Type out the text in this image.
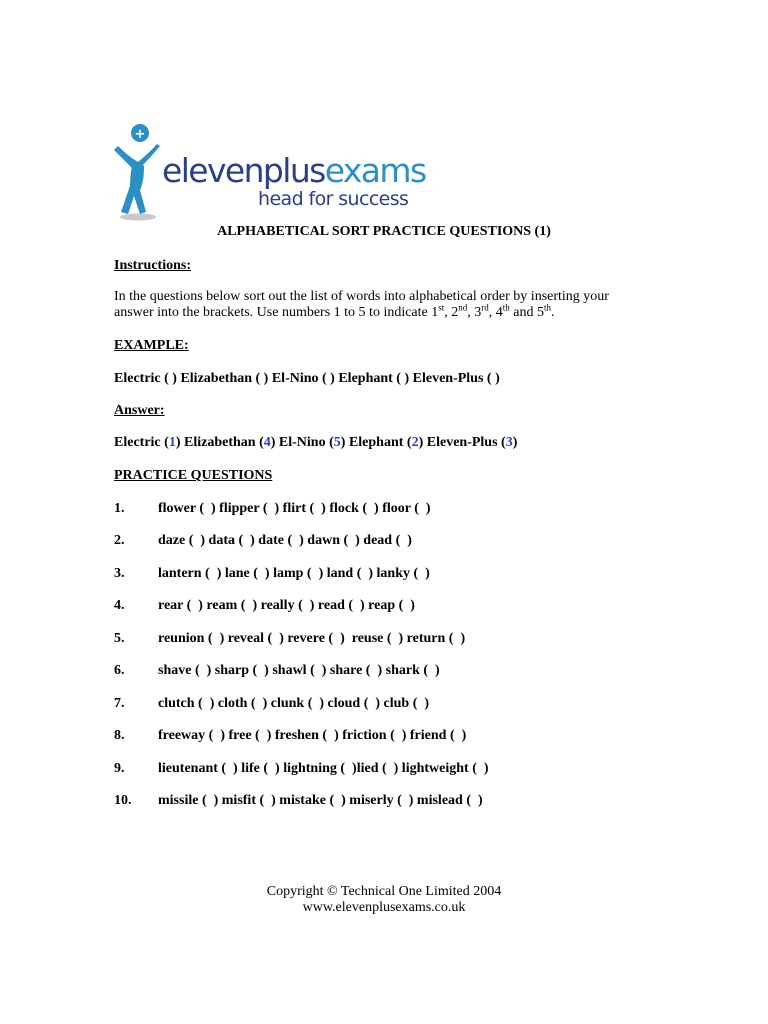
+
elevenplusexams
head for success
ALPHABETICAL SORT PRACTICE QUESTIONS (1)
Instructions:
In the questions below sort out the list of words into alphabetical order by inserting your answer into the brackets. Use numbers 1 to 5 to indicate 1st, 2nd, 3rd, 4th and 5th.
EXAMPLE:
Electric ( ) Elizabethan ( ) El-Nino ( ) Elephant ( ) Eleven-Plus ( )
Answer:
Electric (1) Elizabethan (4) El-Nino (5) Elephant (2) Eleven-Plus (3)
PRACTICE QUESTIONS
1. flower (  ) flipper (  ) flirt (  ) flock (  ) floor (  )
2. daze (  ) data (  ) date (  ) dawn (  ) dead (  )
3. lantern (  ) lane (  ) lamp (  ) land (  ) lanky (  )
4. rear (  ) ream (  ) really (  ) read (  ) reap (  )
5. reunion (  ) reveal (  ) revere (  )  reuse (  ) return (  )
6. shave (  ) sharp (  ) shawl (  ) share (  ) shark (  )
7. clutch (  ) cloth (  ) clunk (  ) cloud (  ) club (  )
8. freeway (  ) free (  ) freshen (  ) friction (  ) friend (  )
9. lieutenant (  ) life (  ) lightning (  )lied (  ) lightweight (  )
10. missile (  ) misfit (  ) mistake (  ) miserly (  ) mislead (  )
Copyright © Technical One Limited 2004
www.elevenplusexams.co.uk
